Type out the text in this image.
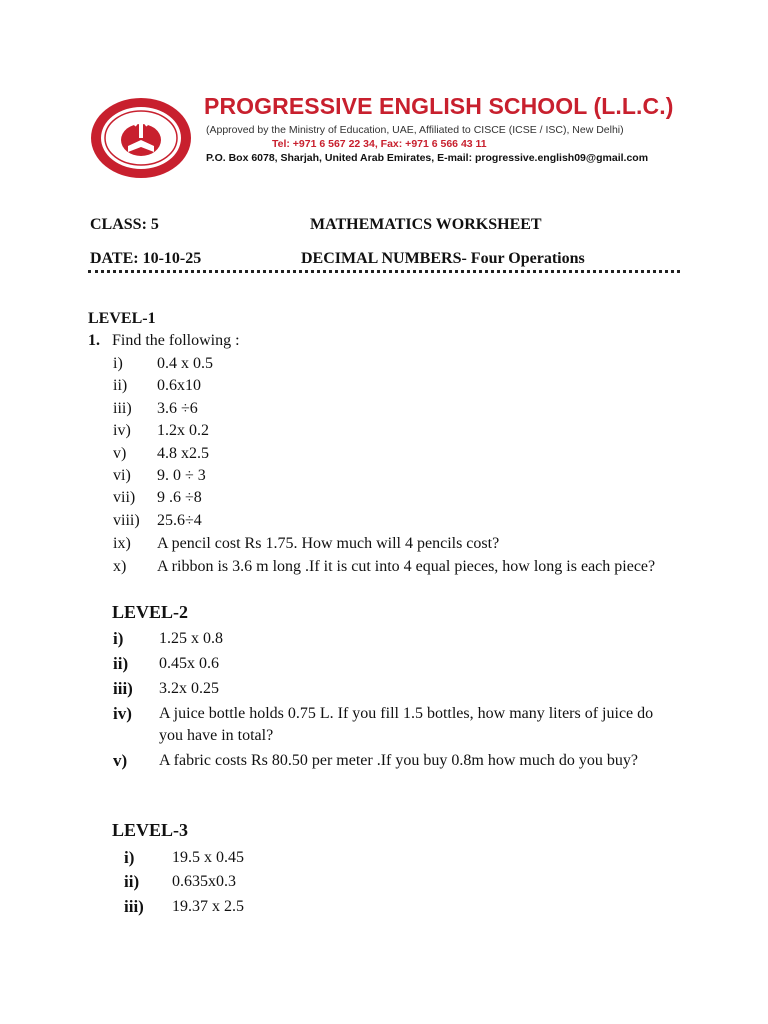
PROGRESSIVE ENGLISH SCHOOL (L.L.C.)
(Approved by the Ministry of Education, UAE, Affiliated to CISCE (ICSE / ISC), New Delhi)
Tel: +971 6 567 22 34, Fax: +971 6 566 43 11
P.O. Box 6078, Sharjah, United Arab Emirates, E-mail: progressive.english09@gmail.com
CLASS: 5	MATHEMATICS WORKSHEET
DATE: 10-10-25	DECIMAL NUMBERS- Four Operations
LEVEL-1
1. Find the following :
i) 0.4 x 0.5
ii) 0.6x10
iii) 3.6 ÷6
iv) 1.2x 0.2
v) 4.8 x2.5
vi) 9. 0 ÷ 3
vii) 9 .6 ÷8
viii) 25.6÷4
ix) A pencil cost Rs 1.75. How much will 4 pencils cost?
x) A ribbon is 3.6 m long .If it is cut into 4 equal pieces, how long is each piece?
LEVEL-2
i) 1.25 x 0.8
ii) 0.45x 0.6
iii) 3.2x 0.25
iv) A juice bottle holds 0.75 L. If you fill 1.5 bottles, how many liters of juice do you have in total?
v) A fabric costs Rs 80.50 per meter .If you buy 0.8m how much do you buy?
LEVEL-3
i) 19.5 x 0.45
ii) 0.635x0.3
iii) 19.37 x 2.5
